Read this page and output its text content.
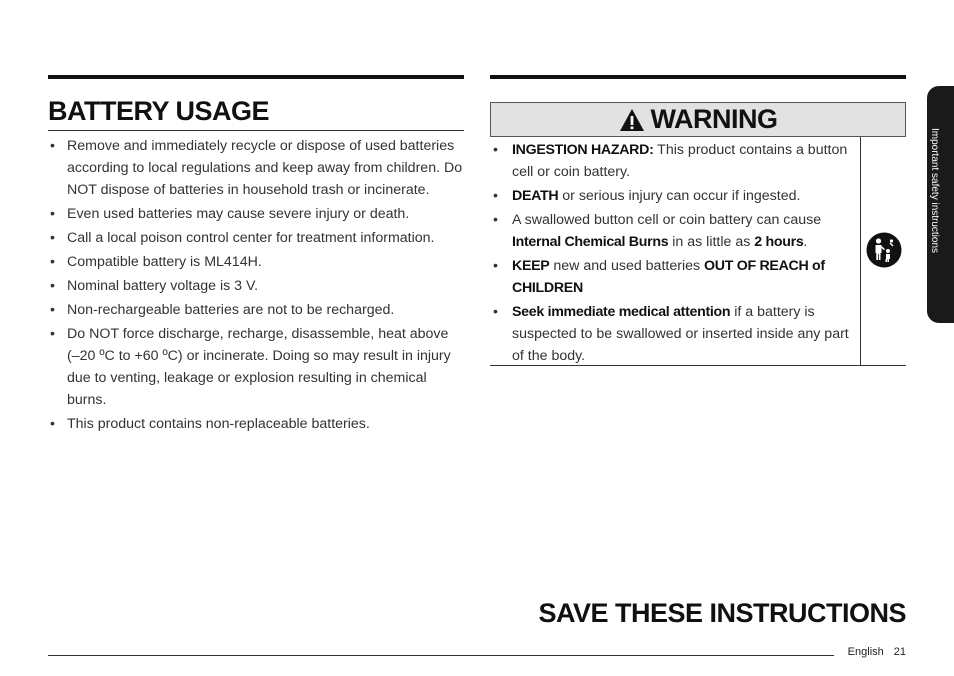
BATTERY USAGE
• Remove and immediately recycle or dispose of used batteries according to local regulations and keep away from children. Do NOT dispose of batteries in household trash or incinerate.
• Even used batteries may cause severe injury or death.
• Call a local poison control center for treatment information.
• Compatible battery is ML414H.
• Nominal battery voltage is 3 V.
• Non-rechargeable batteries are not to be recharged.
• Do NOT force discharge, recharge, disassemble, heat above (–20 ºC to +60 ºC) or incinerate. Doing so may result in injury due to venting, leakage or explosion resulting in chemical burns.
• This product contains non-replaceable batteries.
WARNING
• INGESTION HAZARD: This product contains a button cell or coin battery.
• DEATH or serious injury can occur if ingested.
• A swallowed button cell or coin battery can cause Internal Chemical Burns in as little as 2 hours.
• KEEP new and used batteries OUT OF REACH of CHILDREN
• Seek immediate medical attention if a battery is suspected to be swallowed or inserted inside any part of the body.
Important safety instructions
SAVE THESE INSTRUCTIONS
English 21
